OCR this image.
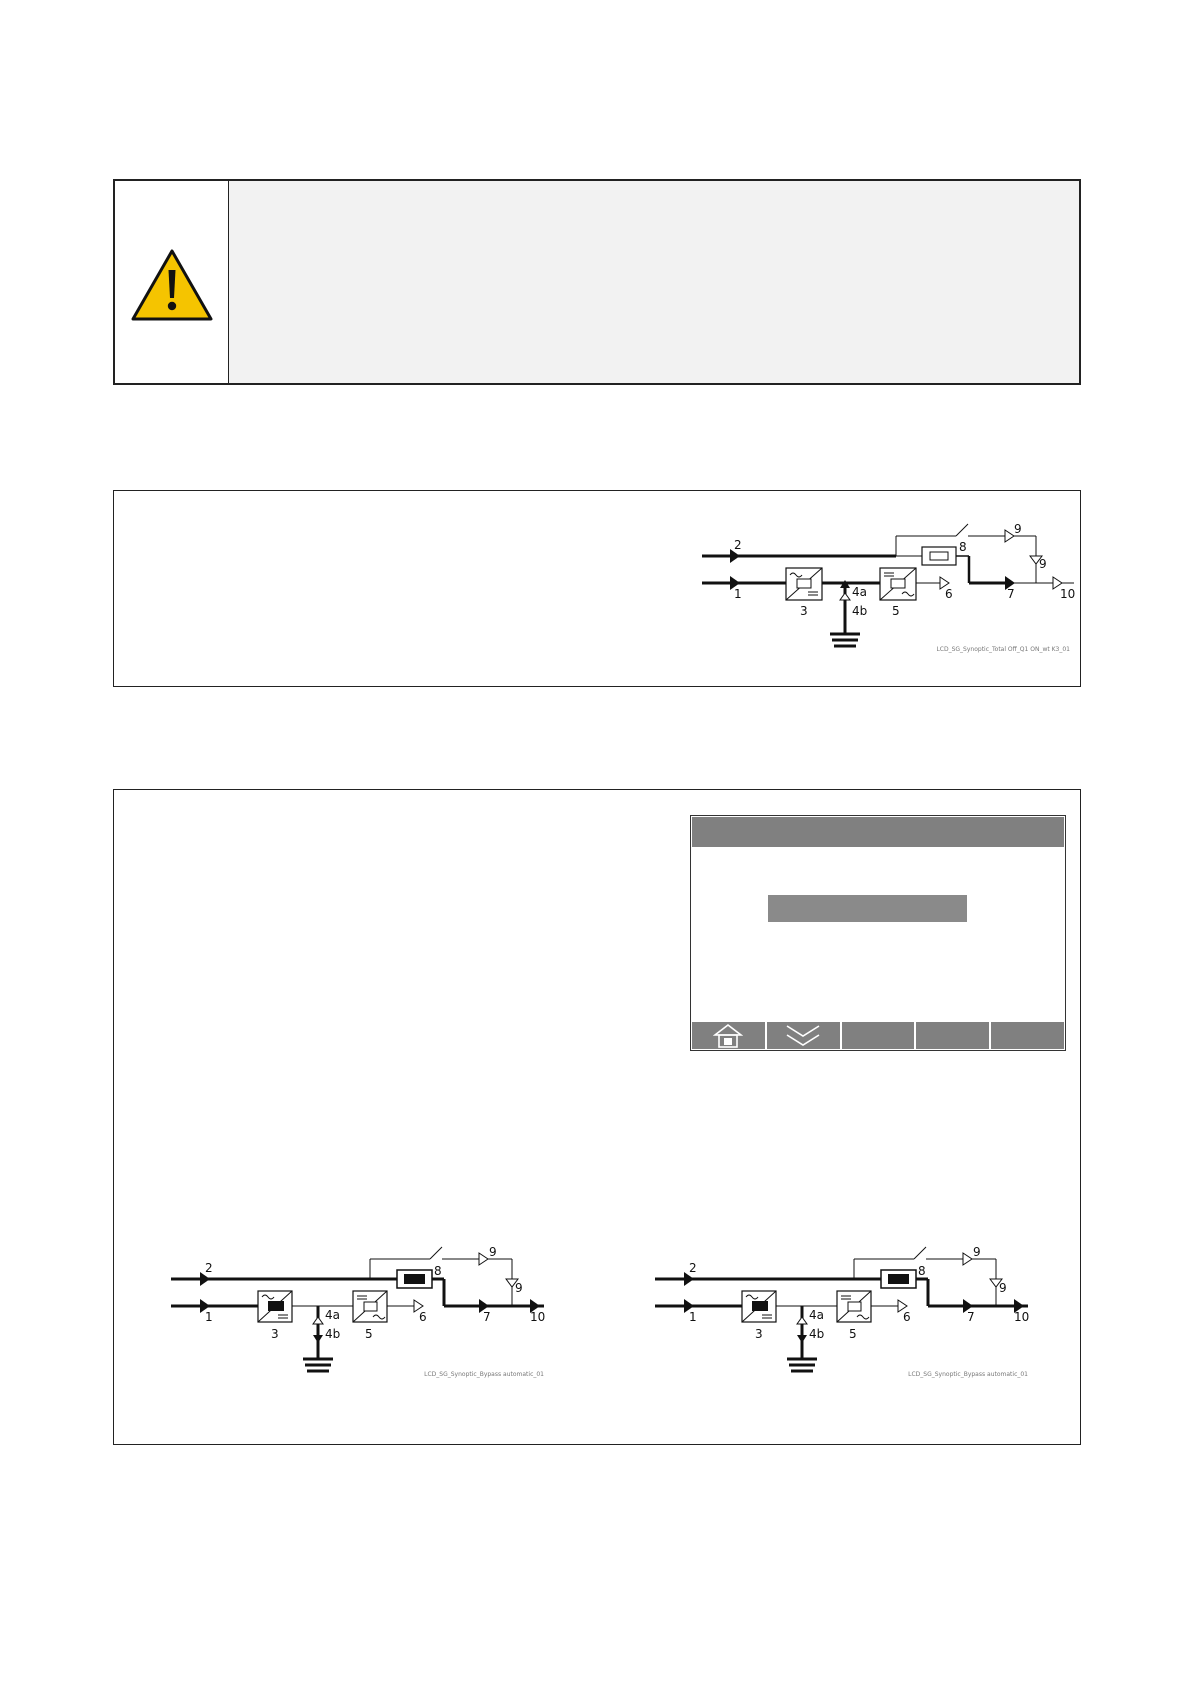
2
1
3
4a
4b 5
6	7
8
9
9
10
LCD_SG_Synoptic_Total Off_Q1 ON_wt K3_01
2
1
3
4a
4b 5
6	7
8
9
9
10
LCD_SG_Synoptic_Bypass automatic_01
2
1
3
4a
4b 5
6	7
8
9
9
10
LCD_SG_Synoptic_Bypass automatic_01
